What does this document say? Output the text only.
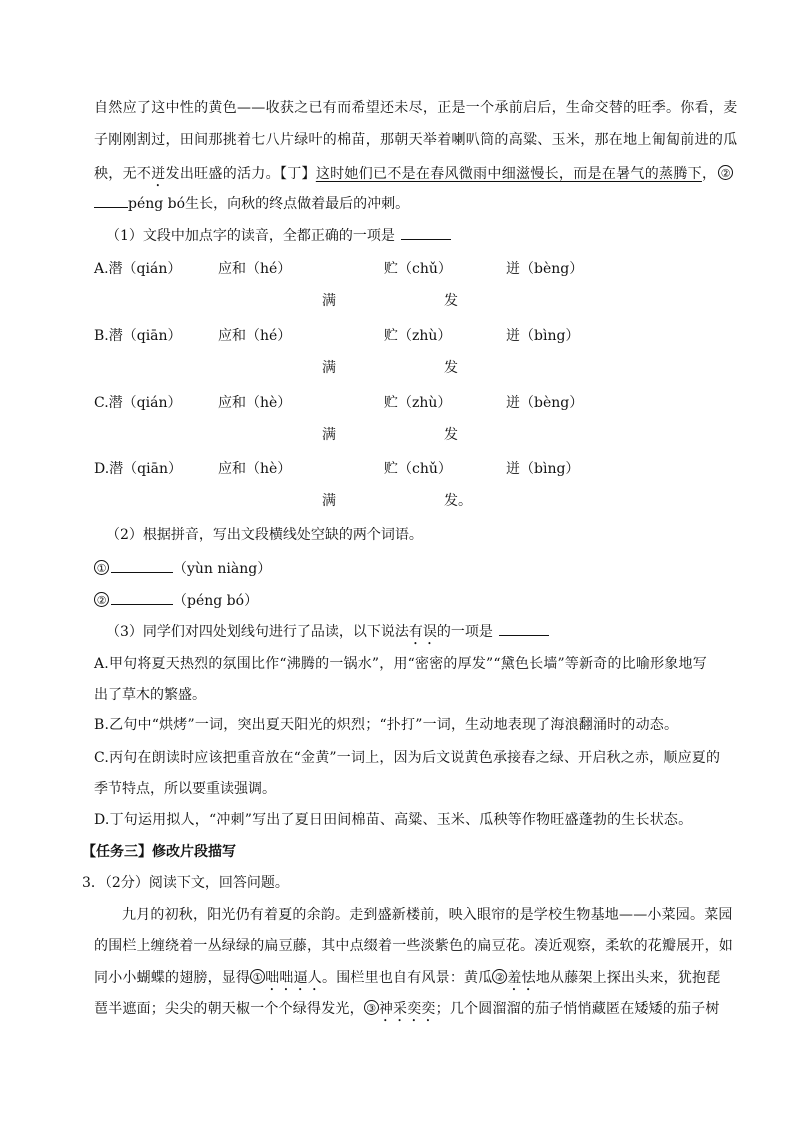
自然应了这中性的黄色——收获之已有而希望还未尽，正是一个承前启后，生命交替的旺季。你看，麦
子刚刚割过，田间那挑着七八片绿叶的棉苗，那朝天举着喇叭筒的高粱、玉米，那在地上匍匐前进的瓜
秧，无不迸发出旺盛的活力。【丁】这时她们已不是在春风微雨中细滋慢长，而是在暑气的蒸腾下， ②
péng bó生长，向秋的终点做着最后的冲刺。
（1）文段中加点字的读音，全都正确的一项是
A.潜（qián）	应和（hé）	贮（chǔ）	迸（bèng）
满	发
B.潜（qiān）	应和（hé）	贮（zhù）	迸（bìng）
满	发
C.潜（qián）	应和（hè）	贮（zhù）	迸（bèng）
满	发
D.潜（qiān）	应和（hè）	贮（chǔ）	迸（bìng）
满	发。
（2）根据拼音，写出文段横线处空缺的两个词语。
①	（yùn niàng）
②	（péng bó）
（3）同学们对四处划线句进行了品读，以下说法有误的一项是
A.甲句将夏天热烈的氛围比作“沸腾的一锅水”，用“密密的厚发”“黛色长墙”等新奇的比喻形象地写
出了草木的繁盛。
B.乙句中“烘烤”一词，突出夏天阳光的炽烈；“扑打”一词，生动地表现了海浪翻涌时的动态。
C.丙句在朗读时应该把重音放在“金黄”一词上，因为后文说黄色承接春之绿、开启秋之赤，顺应夏的
季节特点，所以要重读强调。
D.丁句运用拟人，“冲刺”写出了夏日田间棉苗、高粱、玉米、瓜秧等作物旺盛蓬勃的生长状态。
【任务三】修改片段描写
3．（2分）阅读下文，回答问题。
九月的初秋，阳光仍有着夏的余韵。走到盛新楼前，映入眼帘的是学校生物基地——小菜园。菜园
的围栏上缠绕着一丛绿绿的扁豆藤，其中点缀着一些淡紫色的扁豆花。凑近观察，柔软的花瓣展开，如
同小小蝴蝶的翅膀，显得 ① 咄咄逼人。围栏里也自有风景：黄瓜 ② 羞怯地从藤架上探出头来，犹抱琵
琶半遮面；尖尖的朝天椒一个个绿得发光， ③ 神采奕奕；几个圆溜溜的茄子悄悄藏匿在矮矮的茄子树
